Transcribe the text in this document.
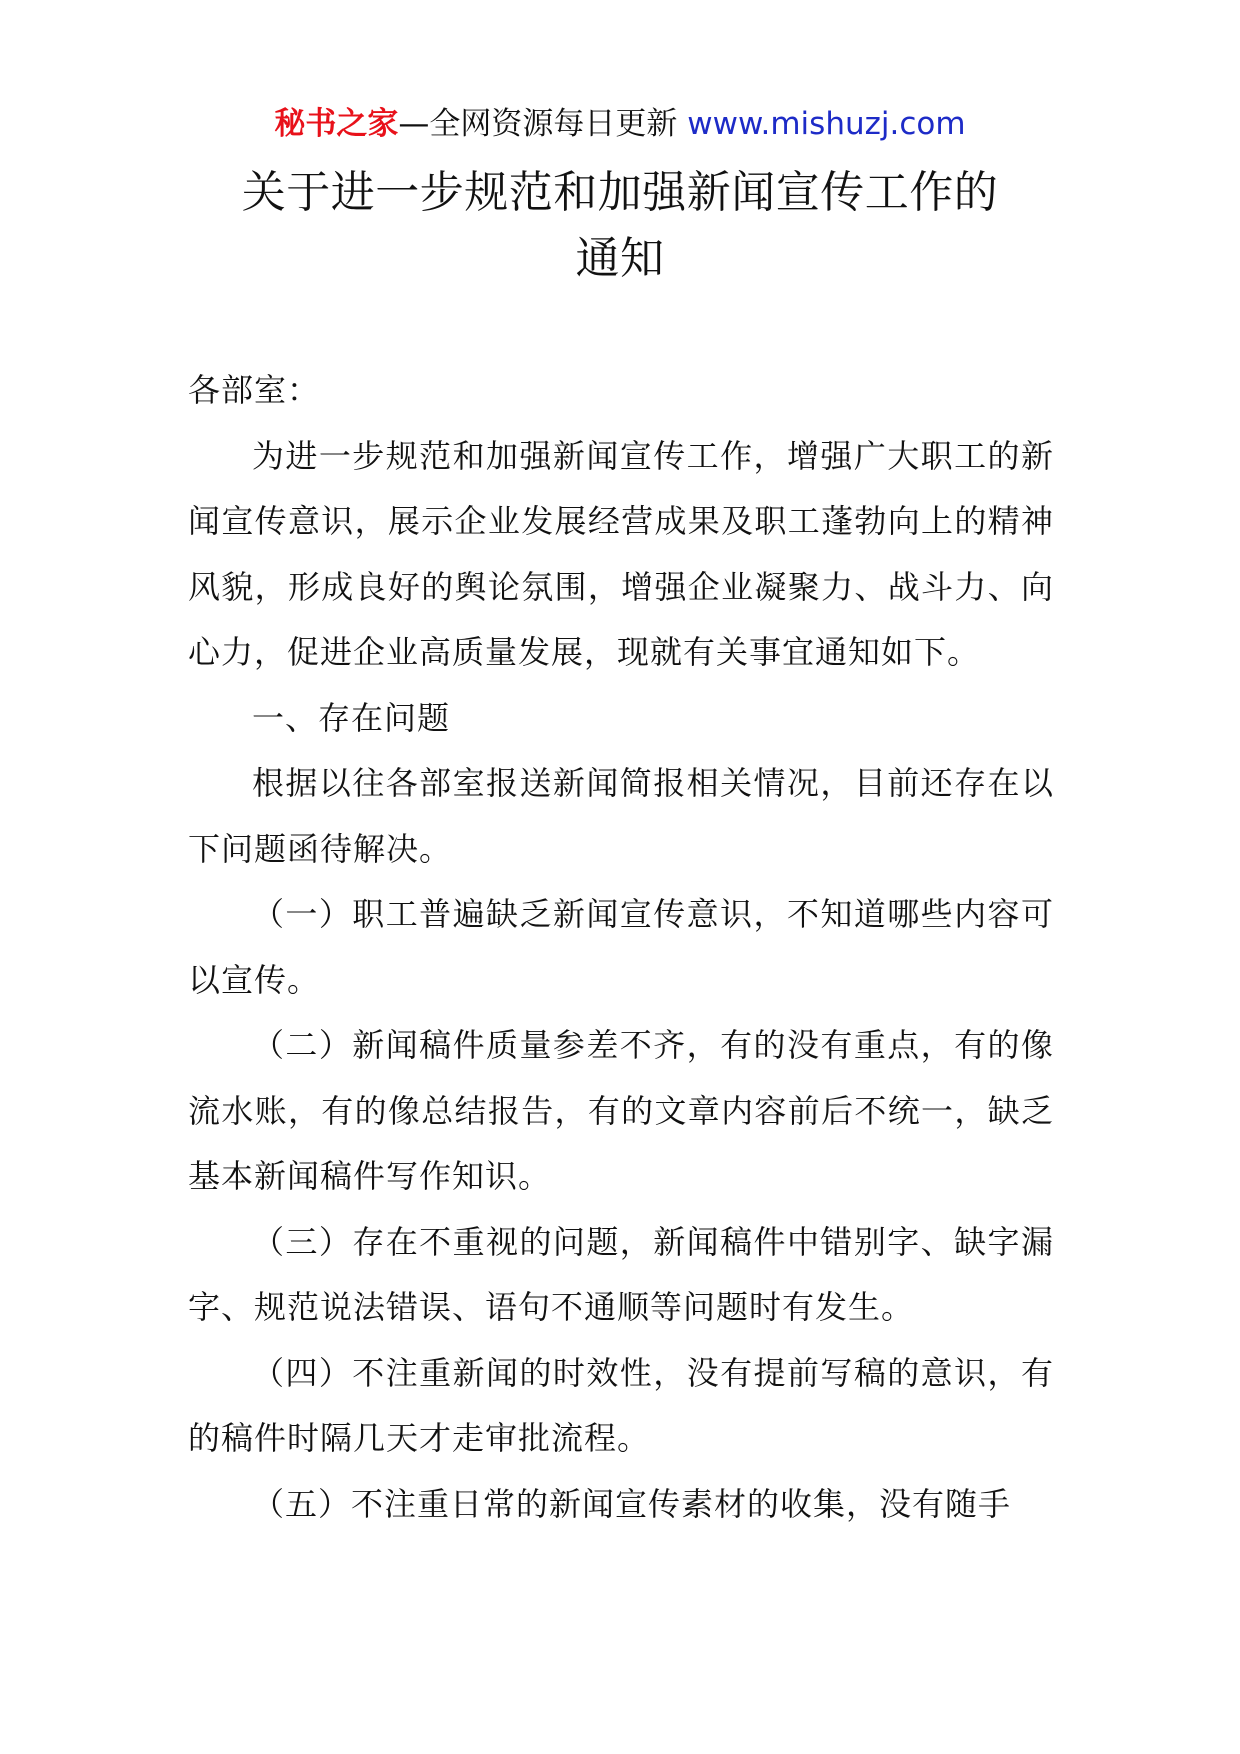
秘书之家—全网资源每日更新 www.mishuzj.com
关于进一步规范和加强新闻宣传工作的
通知

各部室：

为进一步规范和加强新闻宣传工作，增强广大职工的新闻宣传意识，展示企业发展经营成果及职工蓬勃向上的精神风貌，形成良好的舆论氛围，增强企业凝聚力、战斗力、向心力，促进企业高质量发展，现就有关事宜通知如下。

一、存在问题

根据以往各部室报送新闻简报相关情况，目前还存在以下问题函待解决。

（一）职工普遍缺乏新闻宣传意识，不知道哪些内容可以宣传。

（二）新闻稿件质量参差不齐，有的没有重点，有的像流水账，有的像总结报告，有的文章内容前后不统一，缺乏基本新闻稿件写作知识。

（三）存在不重视的问题，新闻稿件中错别字、缺字漏字、规范说法错误、语句不通顺等问题时有发生。

（四）不注重新闻的时效性，没有提前写稿的意识，有的稿件时隔几天才走审批流程。

（五）不注重日常的新闻宣传素材的收集，没有随手
